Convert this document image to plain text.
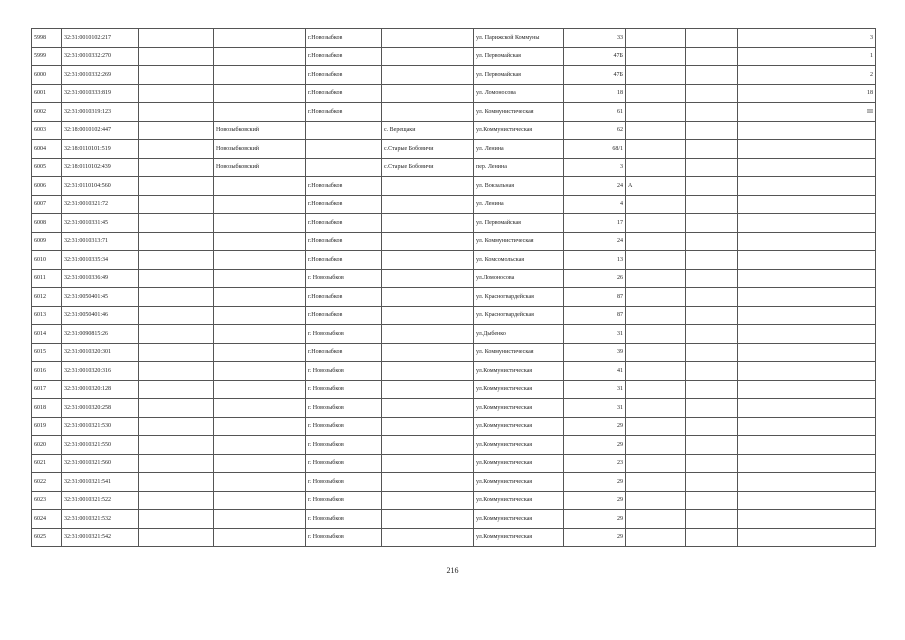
5998	32:31:0010102:217			г.Новозыбков		ул. Парижской Коммуны	33			3
5999	32:31:0010332:270			г.Новозыбков		ул. Первомайская	47Б			1
6000	32:31:0010332:269			г.Новозыбков		ул. Первомайская	47Б			2
6001	32:31:0010333:819			г.Новозыбков		ул. Ломоносова	18			18
6002	32:31:0010319:123			г.Новозыбков		ул. Коммунистическая	61			III
6003	32:18:0010102:447		Новозыбковский		с. Верещаки	ул.Коммунистическая	62			
6004	32:18:0110101:519		Новозыбковский		с.Старые Бобовичи	ул. Ленина	68/1			
6005	32:18:0110102:439		Новозыбковский		с.Старые Бобовичи	пер. Ленина	3			
6006	32:31:0110104:560			г.Новозыбков		ул. Вокзальная	24	А		
6007	32:31:0010321:72			г.Новозыбков		ул. Ленина	4			
6008	32:31:0010331:45			г.Новозыбков		ул. Первомайская	17			
6009	32:31:0010313:71			г.Новозыбков		ул. Коммунистическая	24			
6010	32:31:0010335:34			г.Новозыбков		ул. Комсомольская	13			
6011	32:31:0010336:49			г. Новозыбков		ул.Ломоносова	26			
6012	32:31:0050401:45			г.Новозыбков		ул. Красногвардейская	87			
6013	32:31:0050401:46			г.Новозыбков		ул. Красногвардейская	87			
6014	32:31:0090815:26			г. Новозыбков		ул.Дыбенко	31			
6015	32:31:0010320:301			г.Новозыбков		ул. Коммунистическая	39			
6016	32:31:0010320:316			г. Новозыбков		ул.Коммунистическая	41			
6017	32:31:0010320:128			г. Новозыбков		ул.Коммунистическая	31			
6018	32:31:0010320:258			г. Новозыбков		ул.Коммунистическая	31			
6019	32:31:0010321:530			г. Новозыбков		ул.Коммунистическая	29			
6020	32:31:0010321:550			г. Новозыбков		ул.Коммунистическая	29			
6021	32:31:0010321:560			г. Новозыбков		ул.Коммунистическая	23			
6022	32:31:0010321:541			г. Новозыбков		ул.Коммунистическая	29			
6023	32:31:0010321:522			г. Новозыбков		ул.Коммунистическая	29			
6024	32:31:0010321:532			г. Новозыбков		ул.Коммунистическая	29			
6025	32:31:0010321:542			г. Новозыбков		ул.Коммунистическая	29			
216
